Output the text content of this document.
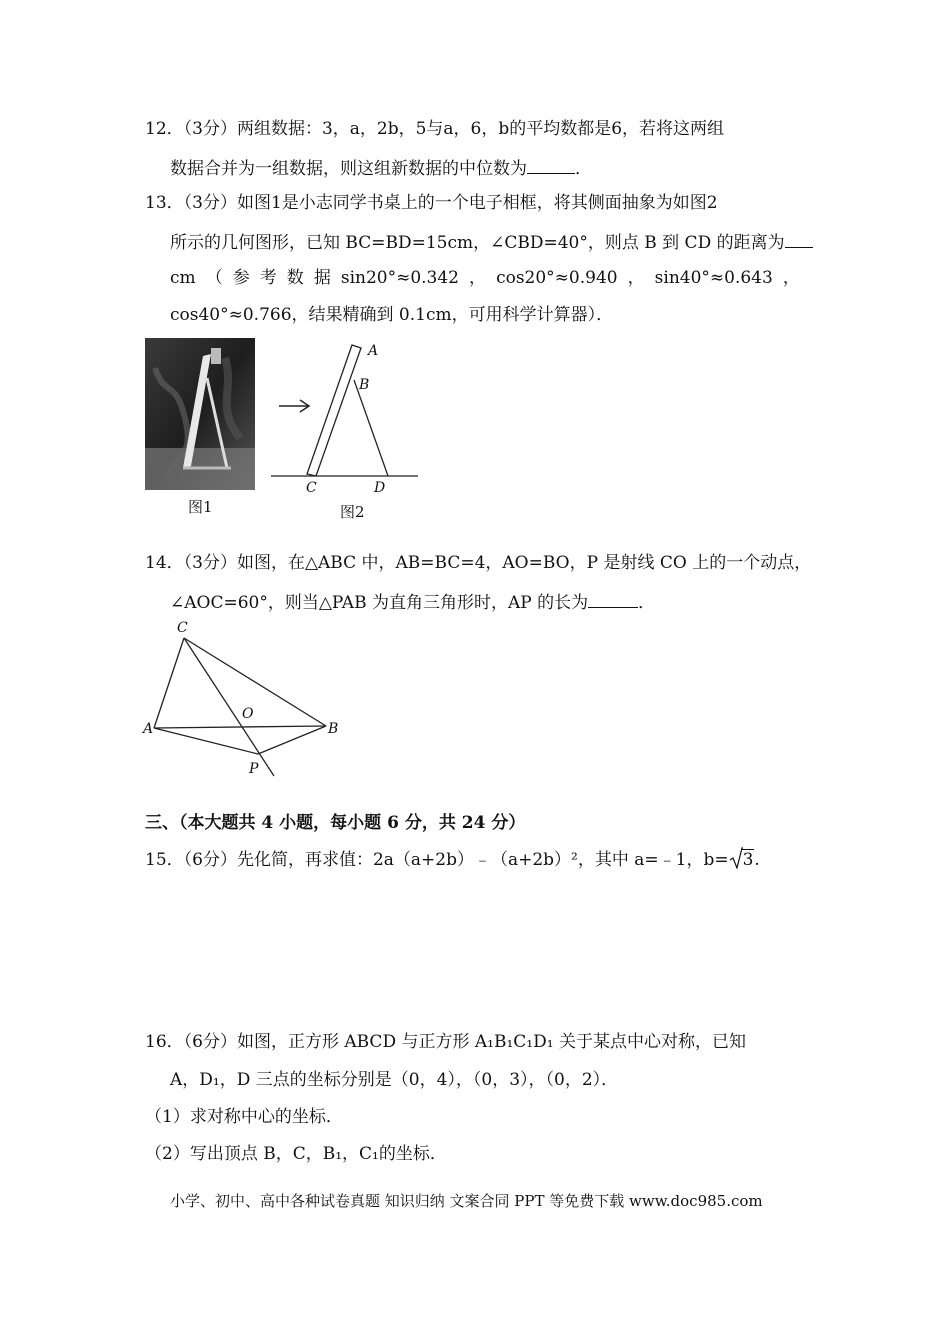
12．（3分）两组数据：3，a，2b，5与a，6，b的平均数都是6，若将这两组
数据合并为一组数据，则这组新数据的中位数为	．
13．（3分）如图1是小志同学书桌上的一个电子相框，将其侧面抽象为如图2
所示的几何图形，已知 BC=BD=15cm，∠CBD=40°，则点 B 到 CD 的距离为
cm （ 参 考 数 据 sin20°≈0.342 ， cos20°≈0.940 ， sin40°≈0.643 ，
cos40°≈0.766，结果精确到 0.1cm，可用科学计算器）．
图1
A
B
C	D
图2
14．（3分）如图，在△ABC 中，AB=BC=4，AO=BO，P 是射线 CO 上的一个动点，
∠AOC=60°，则当△PAB 为直角三角形时，AP 的长为	．
C
A
O
B
P
三、（本大题共 4 小题，每小题 6 分，共 24 分）
15．（6分）先化简，再求值：2a（a+2b）﹣（a+2b）²，其中 a=﹣1，b= 3.
16．（6分）如图，正方形 ABCD 与正方形 A₁B₁C₁D₁ 关于某点中心对称，已知
A，D₁，D 三点的坐标分别是（0，4），（0，3），（0，2）．
（1）求对称中心的坐标．
（2）写出顶点 B，C，B₁，C₁的坐标．
小学、初中、高中各种试卷真题 知识归纳 文案合同 PPT 等免费下载 www.doc985.com
